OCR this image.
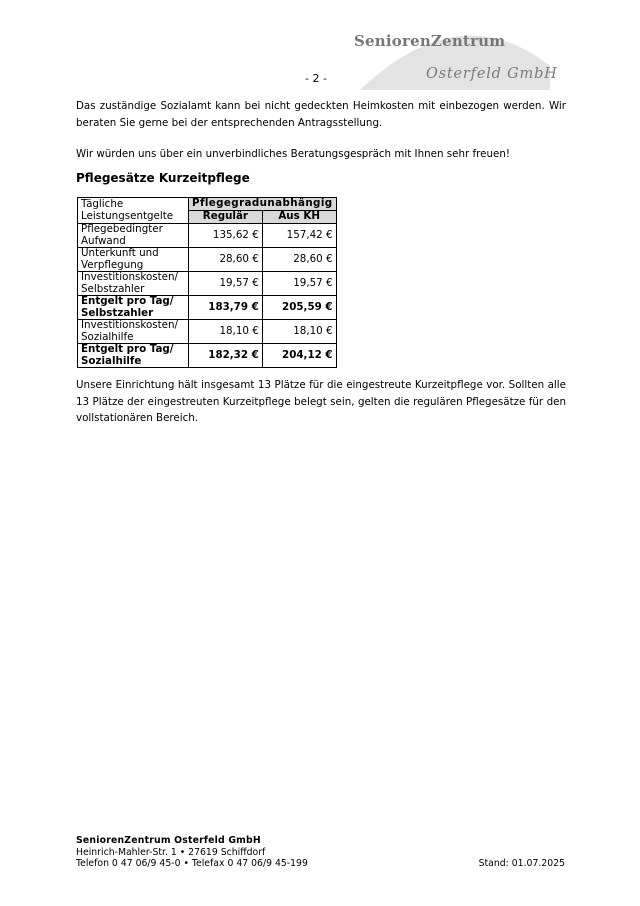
SeniorenZentrum
Osterfeld GmbH
- 2 -
Das zuständige Sozialamt kann bei nicht gedeckten Heimkosten mit einbezogen werden. Wir beraten Sie gerne bei der entsprechenden Antragsstellung.
Wir würden uns über ein unverbindliches Beratungsgespräch mit Ihnen sehr freuen!
Pflegesätze Kurzeitpflege
Tägliche
Leistungsentgelte	Pflegegradunabhängig	
	Regulär	Aus KH

Pflegebedingter
Aufwand	135,62 €	157,42 €

Unterkunft und
Verpflegung	28,60 €	28,60 €

Investitionskosten/
Selbstzahler	19,57 €	19,57 €

Entgelt pro Tag/
Selbstzahler	183,79 €	205,59 €

Investitionskosten/
Sozialhilfe	18,10 €	18,10 €

Entgelt pro Tag/
Sozialhilfe	182,32 €	204,12 €
Unsere Einrichtung hält insgesamt 13 Plätze für die eingestreute Kurzeitpflege vor. Sollten alle 13 Plätze der eingestreuten Kurzeitpflege belegt sein, gelten die regulären Pflegesätze für den vollstationären Bereich.
SeniorenZentrum Osterfeld GmbH
Heinrich-Mahler-Str. 1 • 27619 Schiffdorf
Telefon 0 47 06/9 45-0 • Telefax 0 47 06/9 45-199	Stand: 01.07.2025
